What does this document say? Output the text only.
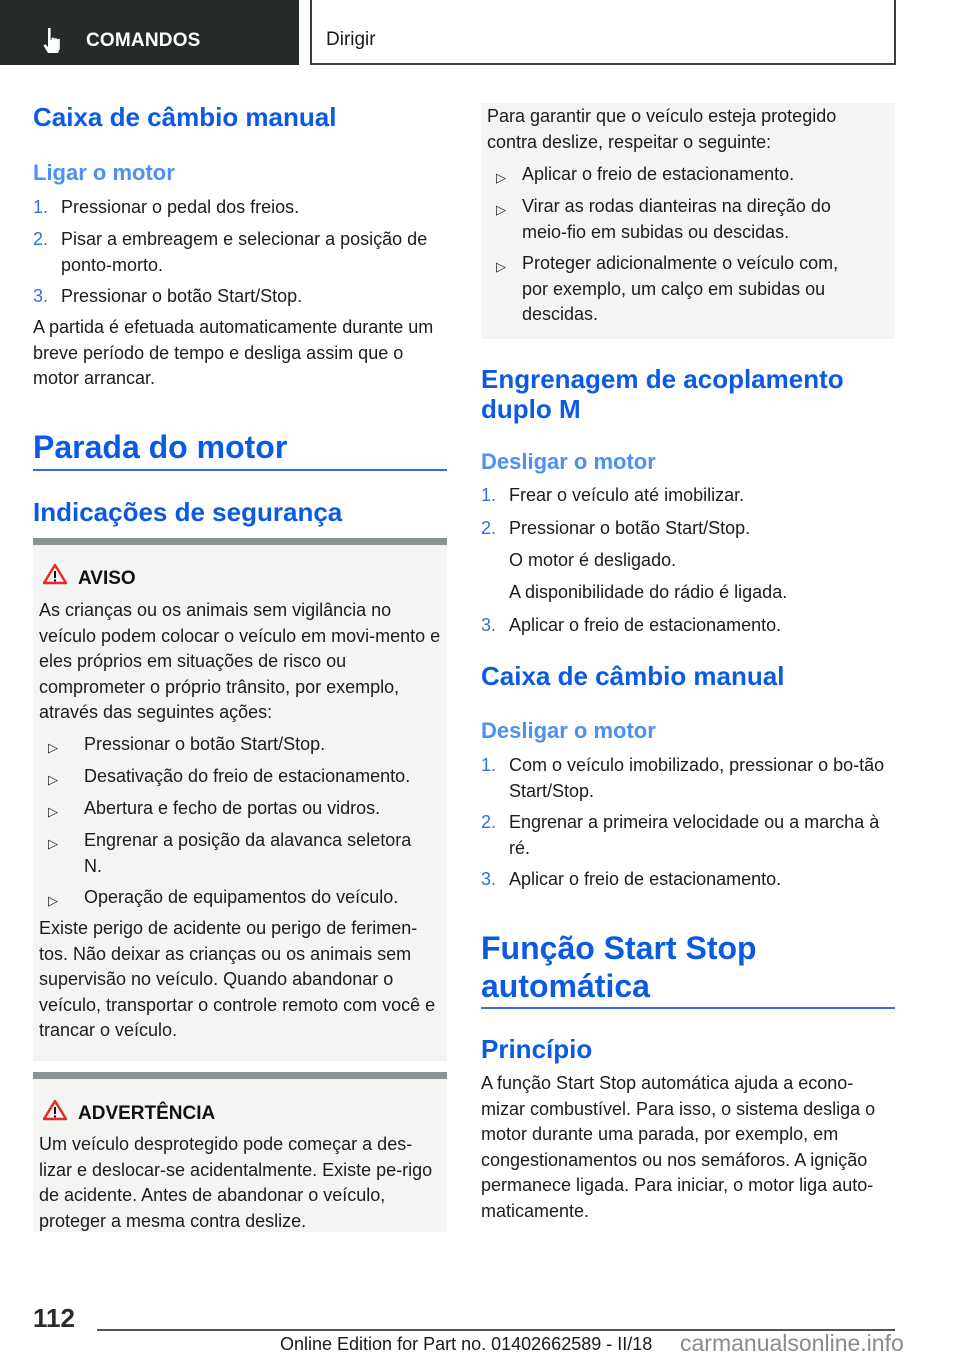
COMANDOS	Dirigir
Caixa de câmbio manual
Ligar o motor
1. Pressionar o pedal dos freios.
2. Pisar a embreagem e selecionar a posição de ponto-morto.
3. Pressionar o botão Start/Stop.
A partida é efetuada automaticamente durante um breve período de tempo e desliga assim que o motor arrancar.
Parada do motor
Indicações de segurança
AVISO
As crianças ou os animais sem vigilância no veículo podem colocar o veículo em movi-mento e eles próprios em situações de risco ou comprometer o próprio trânsito, por exemplo, através das seguintes ações:
▷ Pressionar o botão Start/Stop.
▷ Desativação do freio de estacionamento.
▷ Abertura e fecho de portas ou vidros.
▷ Engrenar a posição da alavanca seletora N.
▷ Operação de equipamentos do veículo.
Existe perigo de acidente ou perigo de ferimen-tos. Não deixar as crianças ou os animais sem supervisão no veículo. Quando abandonar o veículo, transportar o controle remoto com você e trancar o veículo.
ADVERTÊNCIA
Um veículo desprotegido pode começar a des-lizar e deslocar-se acidentalmente. Existe pe-rigo de acidente. Antes de abandonar o veículo, proteger a mesma contra deslize.
Para garantir que o veículo esteja protegido contra deslize, respeitar o seguinte:
▷ Aplicar o freio de estacionamento.
▷ Virar as rodas dianteiras na direção do meio-fio em subidas ou descidas.
▷ Proteger adicionalmente o veículo com, por exemplo, um calço em subidas ou descidas.
Engrenagem de acoplamento duplo M
Desligar o motor
1. Frear o veículo até imobilizar.
2. Pressionar o botão Start/Stop.
O motor é desligado.
A disponibilidade do rádio é ligada.
3. Aplicar o freio de estacionamento.
Caixa de câmbio manual
Desligar o motor
1. Com o veículo imobilizado, pressionar o bo-tão Start/Stop.
2. Engrenar a primeira velocidade ou a marcha à ré.
3. Aplicar o freio de estacionamento.
Função Start Stop automática
Princípio
A função Start Stop automática ajuda a econo-mizar combustível. Para isso, o sistema desliga o motor durante uma parada, por exemplo, em congestionamentos ou nos semáforos. A ignição permanece ligada. Para iniciar, o motor liga auto-maticamente.
112
Online Edition for Part no. 01402662589 - II/18 carmanualsonline.info
